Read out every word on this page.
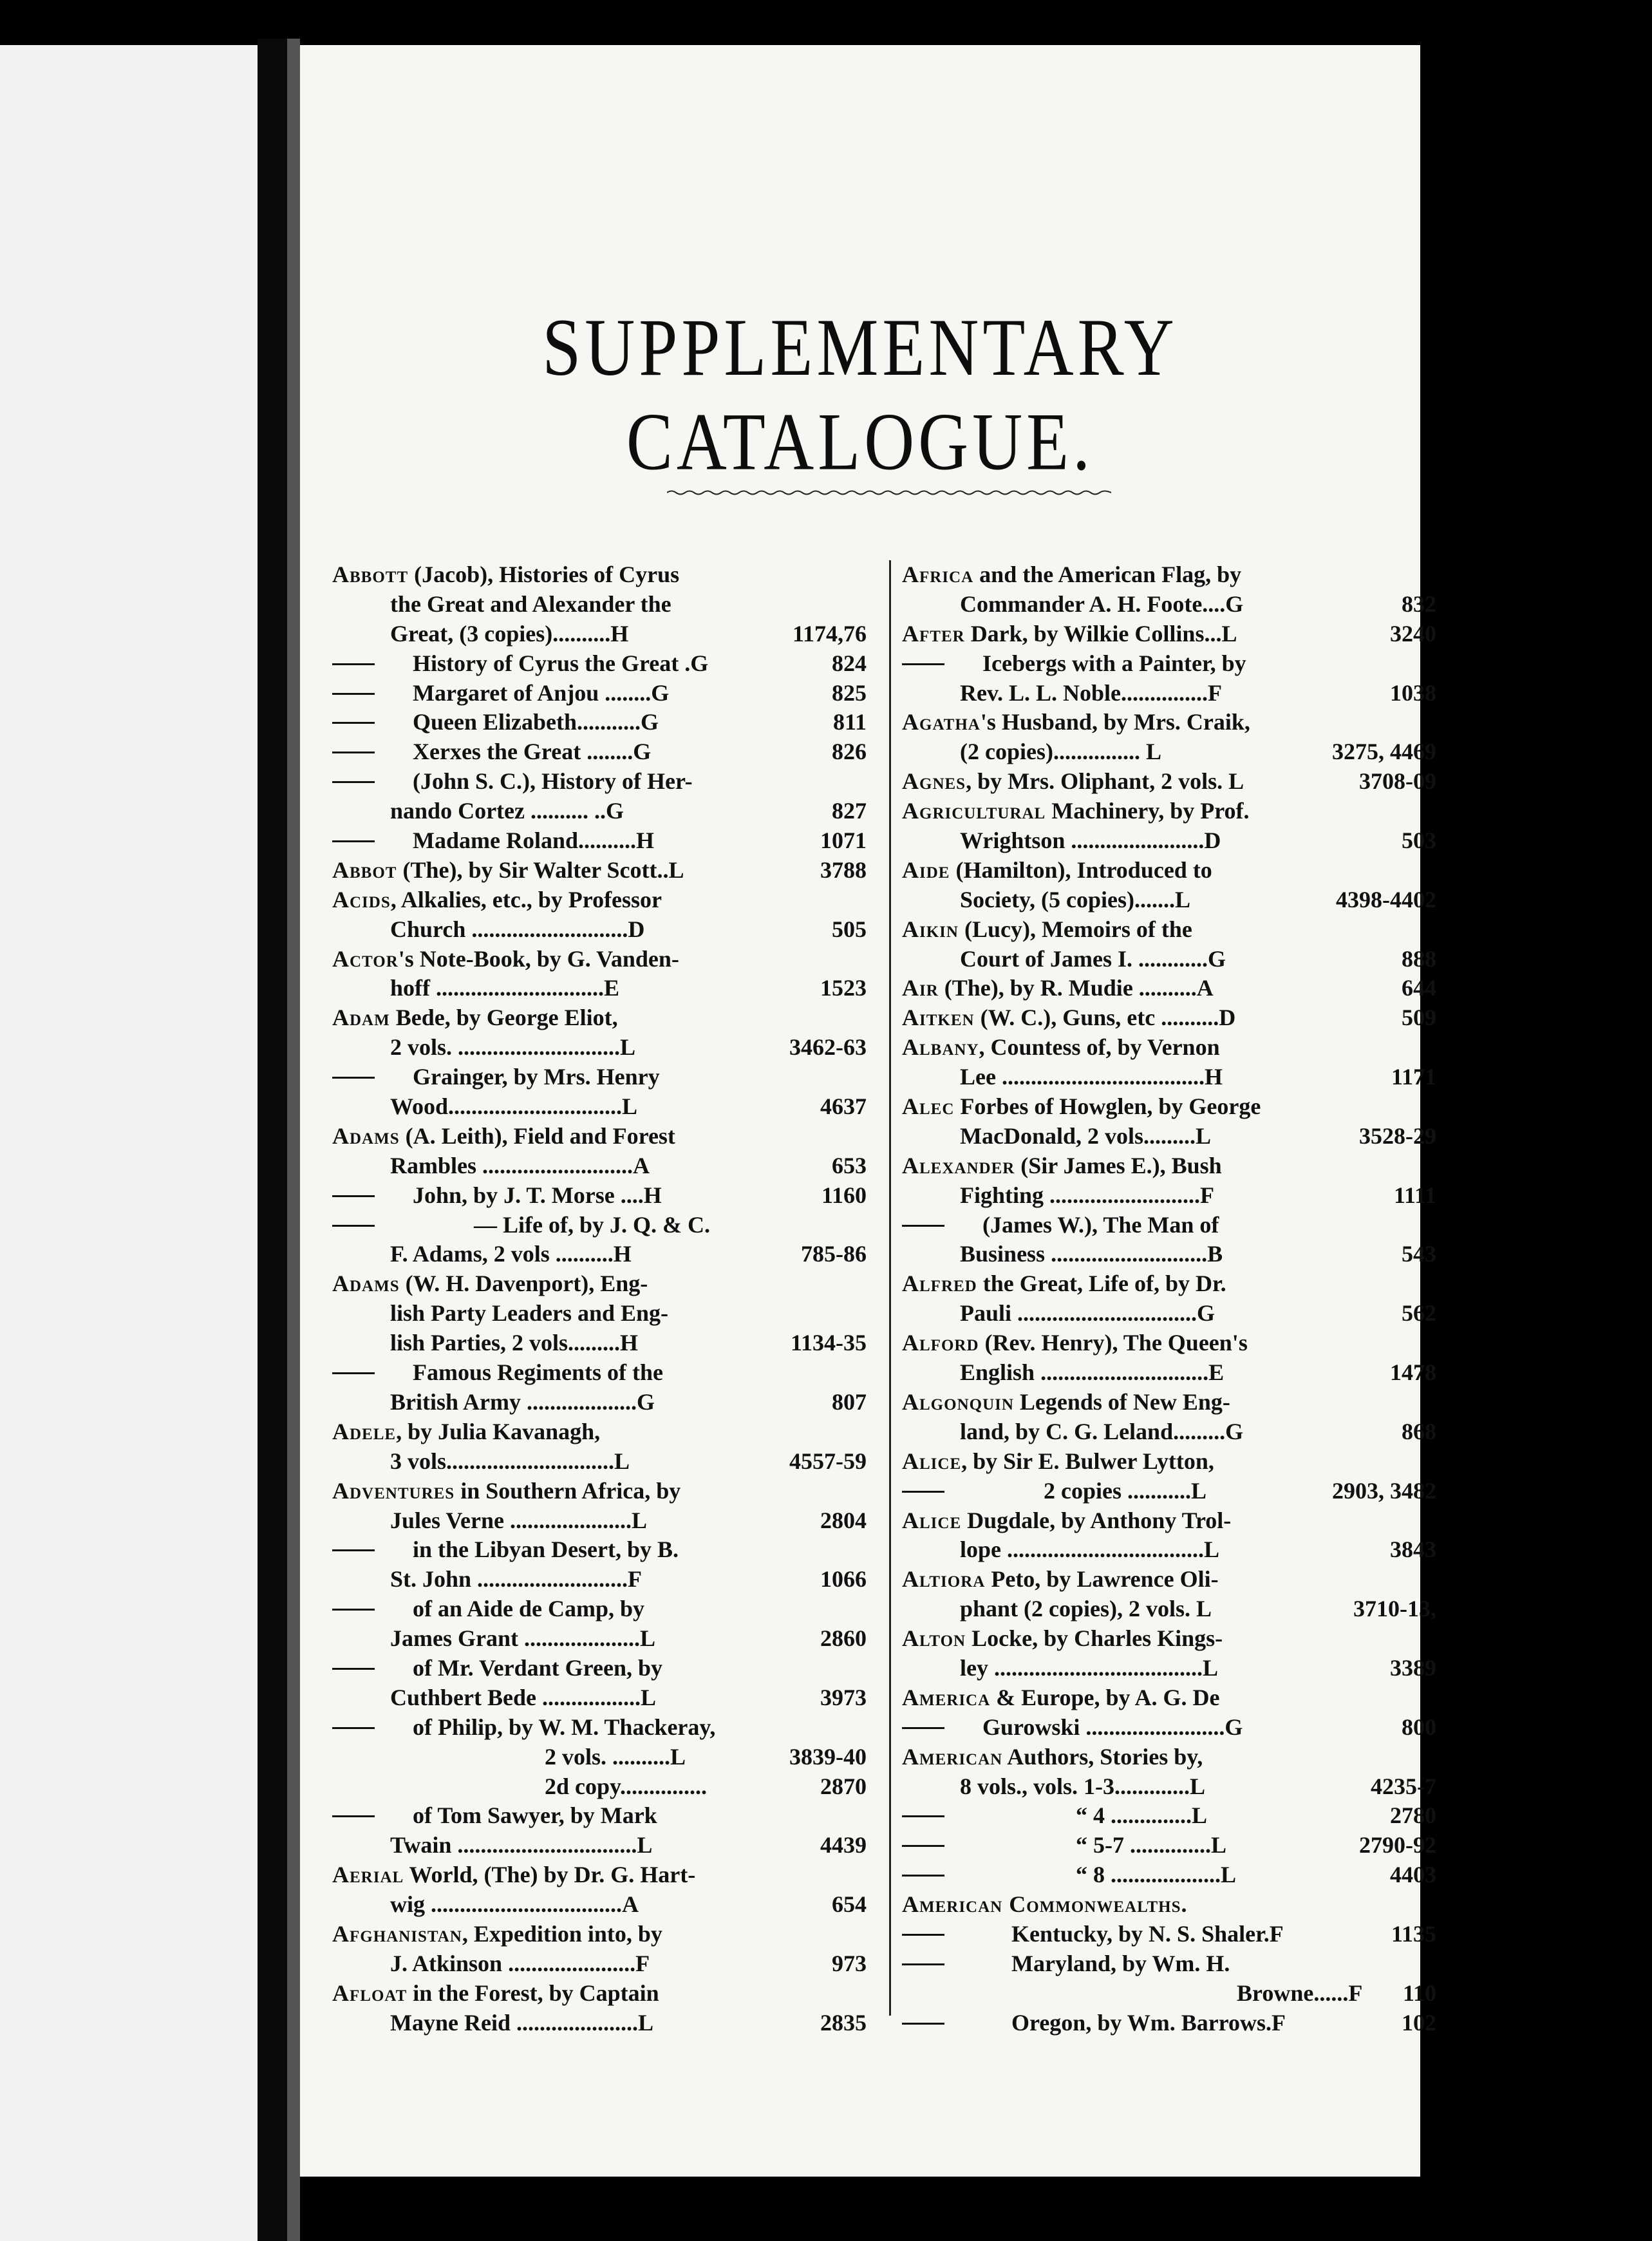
SUPPLEMENTARY CATALOGUE.
Abbott (Jacob), Histories of Cyrus
the Great and Alexander the
Great, (3 copies)..........H	1174,76
History of Cyrus the Great .G	824
Margaret of Anjou ........G	825
Queen Elizabeth...........G	811
Xerxes the Great ........G	826
(John S. C.), History of Her-
nando Cortez .......... ..G	827
Madame Roland..........H	1071
Abbot (The), by Sir Walter Scott..L	3788
Acids, Alkalies, etc., by Professor
Church ...........................D	505
Actor's Note-Book, by G. Vanden-
hoff .............................E	1523
Adam Bede, by George Eliot,
2 vols. ............................L	3462-63
Grainger, by Mrs. Henry
Wood..............................L	4637
Adams (A. Leith), Field and Forest
Rambles ..........................A	653
John, by J. T. Morse ....H	1160
— Life of, by J. Q. & C.
F. Adams, 2 vols ..........H	785-86
Adams (W. H. Davenport), Eng-
lish Party Leaders and Eng-
lish Parties, 2 vols.........H	1134-35
Famous Regiments of the
British Army ...................G	807
Adele, by Julia Kavanagh,
3 vols.............................L	4557-59
Adventures in Southern Africa, by
Jules Verne .....................L	2804
in the Libyan Desert, by B.
St. John ..........................F	1066
of an Aide de Camp, by
James Grant ....................L	2860
of Mr. Verdant Green, by
Cuthbert Bede .................L	3973
of Philip, by W. M. Thackeray,
2 vols. ..........L	3839-40
2d copy...............	2870
of Tom Sawyer, by Mark
Twain ...............................L	4439
Aerial World, (The) by Dr. G. Hart-
wig .................................A	654
Afghanistan, Expedition into, by
J. Atkinson ......................F	973
Afloat in the Forest, by Captain
Mayne Reid .....................L	2835
Africa and the American Flag, by
Commander A. H. Foote....G	832
After Dark, by Wilkie Collins...L	3240
Icebergs with a Painter, by
Rev. L. L. Noble...............F	1038
Agatha's Husband, by Mrs. Craik,
(2 copies)............... L	3275, 4469
Agnes, by Mrs. Oliphant, 2 vols. L	3708-09
Agricultural Machinery, by Prof.
Wrightson .......................D	503
Aide (Hamilton), Introduced to
Society, (5 copies).......L	4398-4402
Aikin (Lucy), Memoirs of the
Court of James I. ............G	888
Air (The), by R. Mudie ..........A	644
Aitken (W. C.), Guns, etc ..........D	509
Albany, Countess of, by Vernon
Lee ...................................H	1171
Alec Forbes of Howglen, by George
MacDonald, 2 vols.........L	3528-29
Alexander (Sir James E.), Bush
Fighting ..........................F	1111
(James W.), The Man of
Business ...........................B	543
Alfred the Great, Life of, by Dr.
Pauli ...............................G	562
Alford (Rev. Henry), The Queen's
English .............................E	1478
Algonquin Legends of New Eng-
land, by C. G. Leland.........G	868
Alice, by Sir E. Bulwer Lytton,
2 copies ...........L	2903, 3482
Alice Dugdale, by Anthony Trol-
lope ..................................L	3843
Altiora Peto, by Lawrence Oli-
phant (2 copies), 2 vols. L	3710-13,
Alton Locke, by Charles Kings-
ley ....................................L	3389
America & Europe, by A. G. De
Gurowski ........................G	800
American Authors, Stories by,
8 vols., vols. 1-3.............L	4235-7
“ 4 ..............L	2780
“ 5-7 ..............L	2790-92
“ 8 ...................L	4403
American Commonwealths.
Kentucky, by N. S. Shaler.F	1135
Maryland, by Wm. H.
Browne......F 110
Oregon, by Wm. Barrows.F	102
